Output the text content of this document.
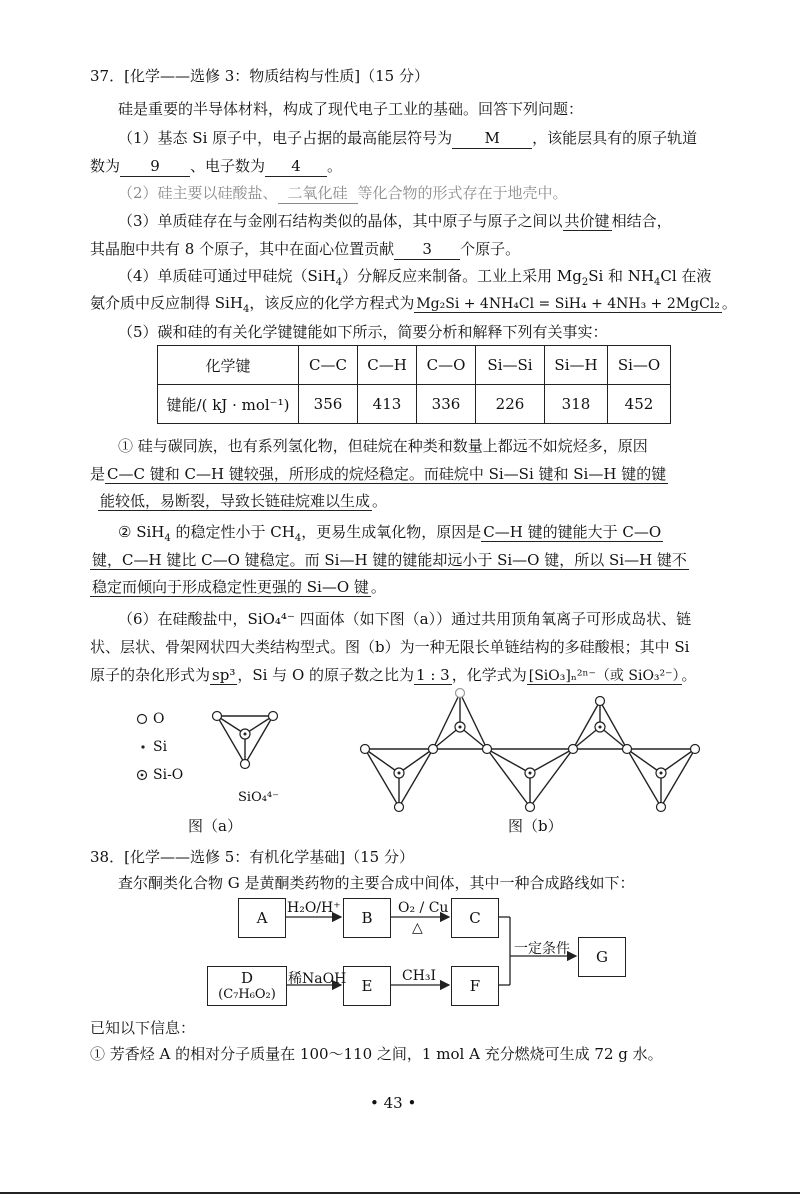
37．[化学——选修 3：物质结构与性质]（15 分）
硅是重要的半导体材料，构成了现代电子工业的基础。回答下列问题：
（1）基态 Si 原子中，电子占据的最高能层符号为 M ，该能层具有的原子轨道
数为 9 、电子数为 4 。
（2）硅主要以硅酸盐、 二氧化硅 等化合物的形式存在于地壳中。
（3）单质硅存在与金刚石结构类似的晶体，其中原子与原子之间以 共价键 相结合，
其晶胞中共有 8 个原子，其中在面心位置贡献 3 个原子。
（4）单质硅可通过甲硅烷（SiH$_4$）分解反应来制备。工业上采用 $Mg_2Si$ 和 $NH_4Cl$ 在液
氨介质中反应制得 SiH$_4$，该反应的化学方程式为 Mg₂Si + 4NH₄Cl = SiH₄ + 4NH₃ + 2MgCl₂ 。
（5）碳和硅的有关化学键键能如下所示，简要分析和解释下列有关事实：
化学键	C—C	C—H	C—O	Si—Si	Si—H	Si—O
键能/( kJ · mol⁻¹)	356	413	336	226	318	452
① 硅与碳同族，也有系列氢化物，但硅烷在种类和数量上都远不如烷烃多，原因
是 C—C 键和 C—H 键较强，所形成的烷烃稳定。而硅烷中 Si—Si 键和 Si—H 键的键
能较低，易断裂，导致长链硅烷难以生成 。
② SiH$_4$ 的稳定性小于 $CH_4$，更易生成氧化物，原因是 C—H 键的键能大于 C—O
键，C—H 键比 C—O 键稳定。而 Si—H 键的键能却远小于 Si—O 键，所以 Si—H 键不
稳定而倾向于形成稳定性更强的 Si—O 键 。
（6）在硅酸盐中，SiO₄⁴⁻ 四面体（如下图（a））通过共用顶角氧离子可形成岛状、链
状、层状、骨架网状四大类结构型式。图（b）为一种无限长单链结构的多硅酸根；其中 Si
原子的杂化形式为 sp³ ，Si 与 O 的原子数之比为 1 : 3 ，化学式为 [SiO₃]ₙ²ⁿ⁻（或 SiO₃²⁻） 。
O
Si
Si-O
SiO₄⁴⁻
图（a）	图（b）
38．[化学——选修 5：有机化学基础]（15 分）
查尔酮类化合物 G 是黄酮类药物的主要合成中间体，其中一种合成路线如下：
A	B	C
D
(C₇H₆O₂)	E	F
G
H₂O/H⁺	O₂ / Cu
△
稀NaOH	CH₃I
一定条件
已知以下信息：
① 芳香烃 A 的相对分子质量在 100～110 之间，1 mol A 充分燃烧可生成 72 g 水。
• 43 •
